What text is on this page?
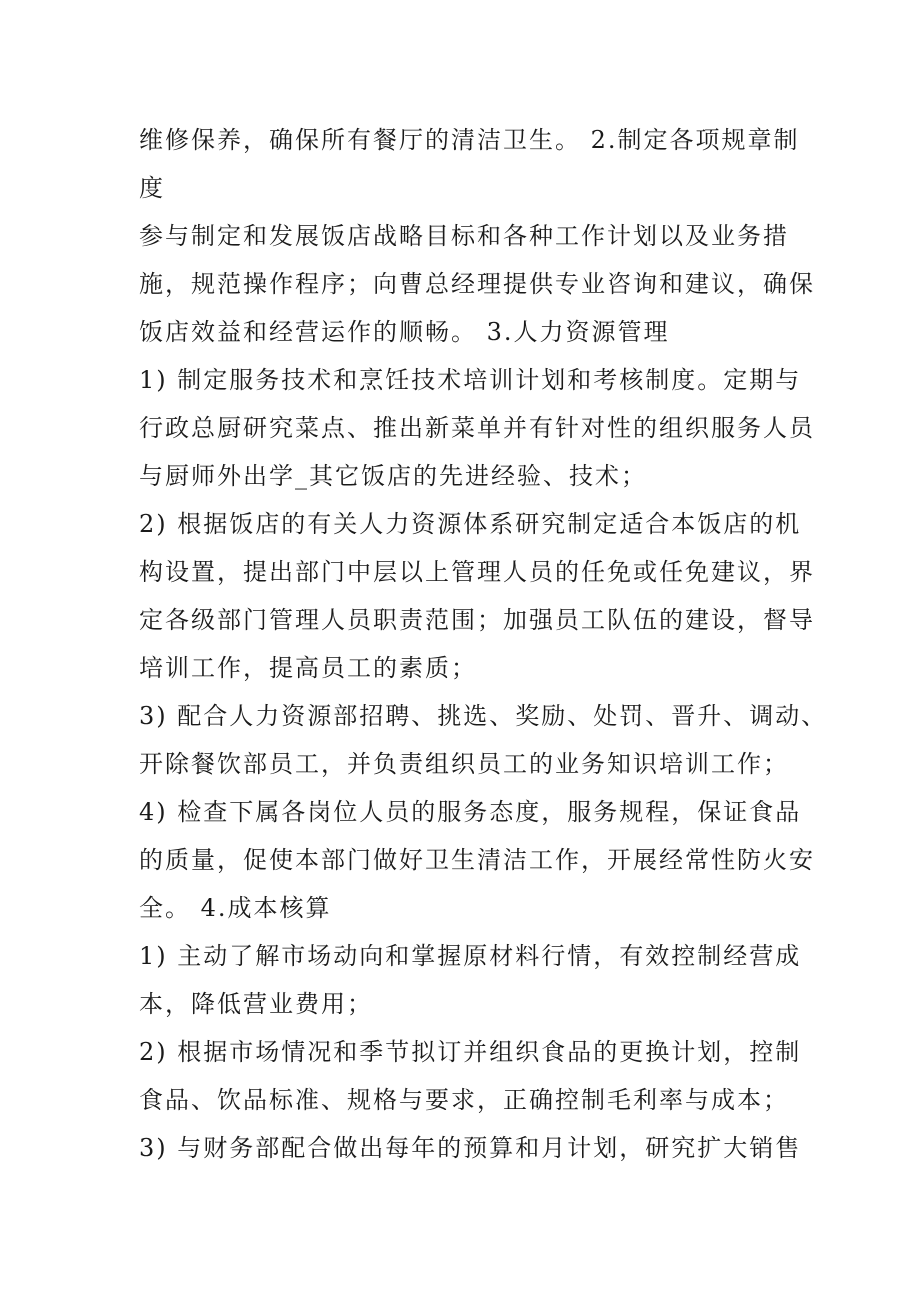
维修保养，确保所有餐厅的清洁卫生。 2.制定各项规章制
度
参与制定和发展饭店战略目标和各种工作计划以及业务措
施，规范操作程序；向曹总经理提供专业咨询和建议，确保
饭店效益和经营运作的顺畅。 3.人力资源管理
1) 制定服务技术和烹饪技术培训计划和考核制度。定期与
行政总厨研究菜点、推出新菜单并有针对性的组织服务人员
与厨师外出学_其它饭店的先进经验、技术；
2) 根据饭店的有关人力资源体系研究制定适合本饭店的机
构设置，提出部门中层以上管理人员的任免或任免建议，界
定各级部门管理人员职责范围；加强员工队伍的建设，督导
培训工作，提高员工的素质；
3) 配合人力资源部招聘、挑选、奖励、处罚、晋升、调动、
开除餐饮部员工，并负责组织员工的业务知识培训工作；
4) 检查下属各岗位人员的服务态度，服务规程，保证食品
的质量，促使本部门做好卫生清洁工作，开展经常性防火安
全。 4.成本核算
1) 主动了解市场动向和掌握原材料行情，有效控制经营成
本，降低营业费用；
2) 根据市场情况和季节拟订并组织食品的更换计划，控制
食品、饮品标准、规格与要求，正确控制毛利率与成本；
3) 与财务部配合做出每年的预算和月计划，研究扩大销售
